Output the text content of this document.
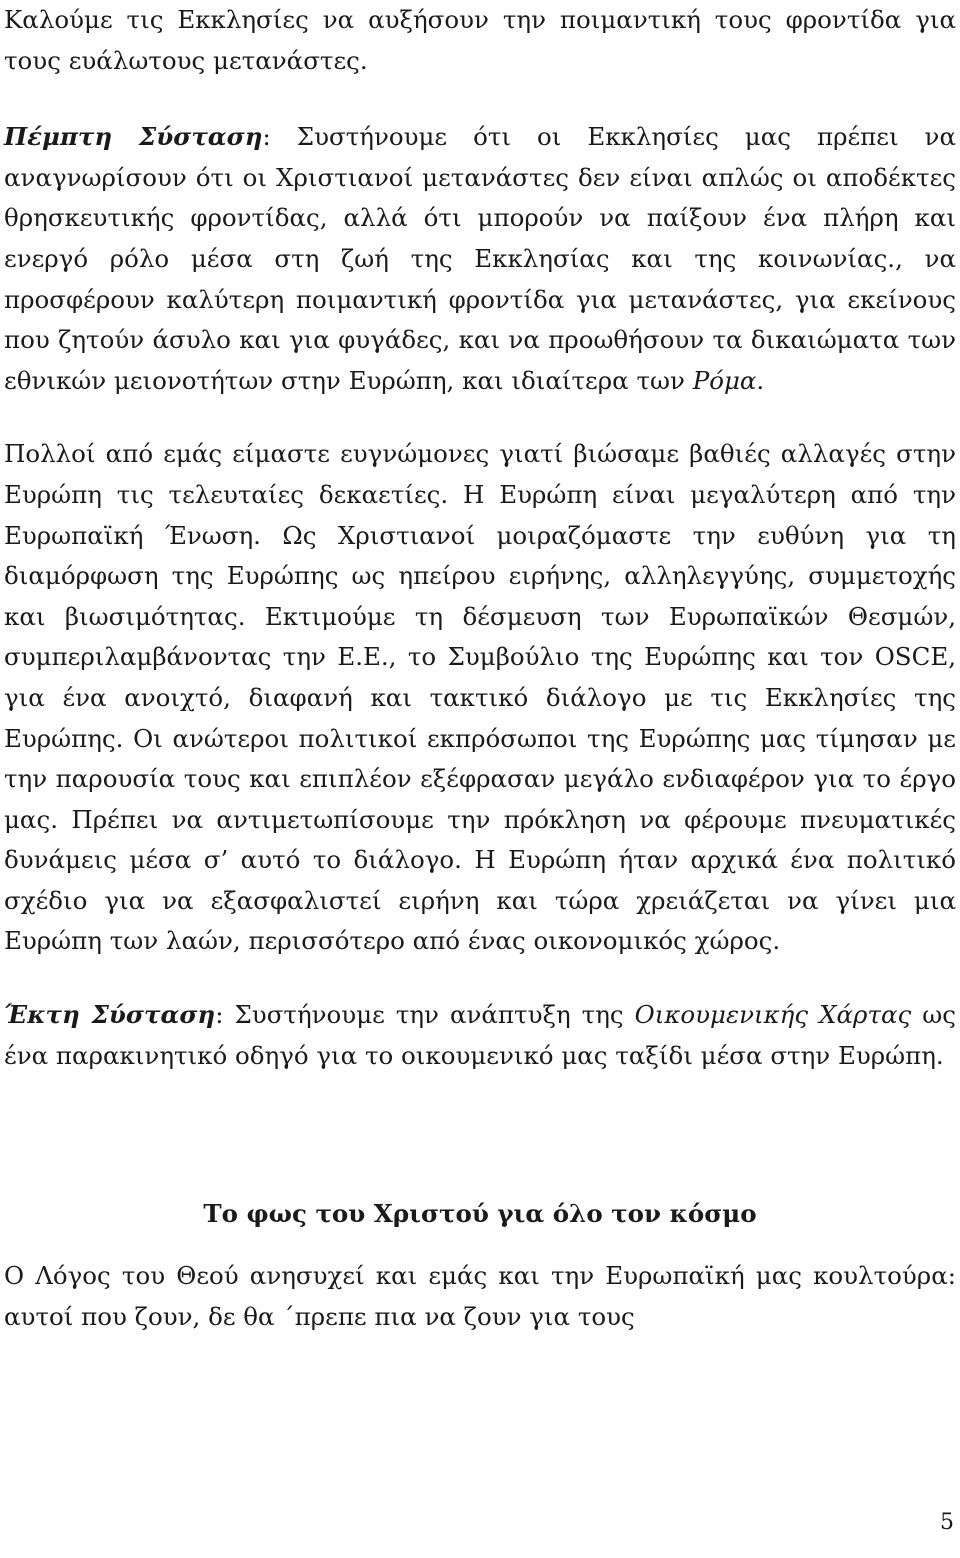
Καλούμε τις Εκκλησίες να αυξήσουν την ποιμαντική τους φροντίδα για τους ευάλωτους μετανάστες.

Πέμπτη Σύσταση: Συστήνουμε ότι οι Εκκλησίες μας πρέπει να αναγνωρίσουν ότι οι Χριστιανοί μετανάστες δεν είναι απλώς οι αποδέκτες θρησκευτικής φροντίδας, αλλά ότι μπορούν να παίξουν ένα πλήρη και ενεργό ρόλο μέσα στη ζωή της Εκκλησίας και της κοινωνίας., να προσφέρουν καλύτερη ποιμαντική φροντίδα για μετανάστες, για εκείνους που ζητούν άσυλο και για φυγάδες, και να προωθήσουν τα δικαιώματα των εθνικών μειονοτήτων στην Ευρώπη, και ιδιαίτερα των Ρόμα.

Πολλοί από εμάς είμαστε ευγνώμονες γιατί βιώσαμε βαθιές αλλαγές στην Ευρώπη τις τελευταίες δεκαετίες. Η Ευρώπη είναι μεγαλύτερη από την Ευρωπαϊκή Ένωση. Ως Χριστιανοί μοιραζόμαστε την ευθύνη για τη διαμόρφωση της Ευρώπης ως ηπείρου ειρήνης, αλληλεγγύης, συμμετοχής και βιωσιμότητας. Εκτιμούμε τη δέσμευση των Ευρωπαϊκών Θεσμών, συμπεριλαμβάνοντας την Ε.Ε., το Συμβούλιο της Ευρώπης και τον OSCE, για ένα ανοιχτό, διαφανή και τακτικό διάλογο με τις Εκκλησίες της Ευρώπης. Οι ανώτεροι πολιτικοί εκπρόσωποι της Ευρώπης μας τίμησαν με την παρουσία τους και επιπλέον εξέφρασαν μεγάλο ενδιαφέρον για το έργο μας. Πρέπει να αντιμετωπίσουμε την πρόκληση να φέρουμε πνευματικές δυνάμεις μέσα σ’ αυτό το διάλογο. Η Ευρώπη ήταν αρχικά ένα πολιτικό σχέδιο για να εξασφαλιστεί ειρήνη και τώρα χρειάζεται να γίνει μια Ευρώπη των λαών, περισσότερο από ένας οικονομικός χώρος.

Έκτη Σύσταση: Συστήνουμε την ανάπτυξη της Οικουμενικής Χάρτας ως ένα παρακινητικό οδηγό για το οικουμενικό μας ταξίδι μέσα στην Ευρώπη.

Το φως του Χριστού για όλο τον κόσμο

Ο Λόγος του Θεού ανησυχεί και εμάς και την Ευρωπαϊκή μας κουλτούρα: αυτοί που ζουν, δε θα ΄πρεπε πια να ζουν για τους

5
